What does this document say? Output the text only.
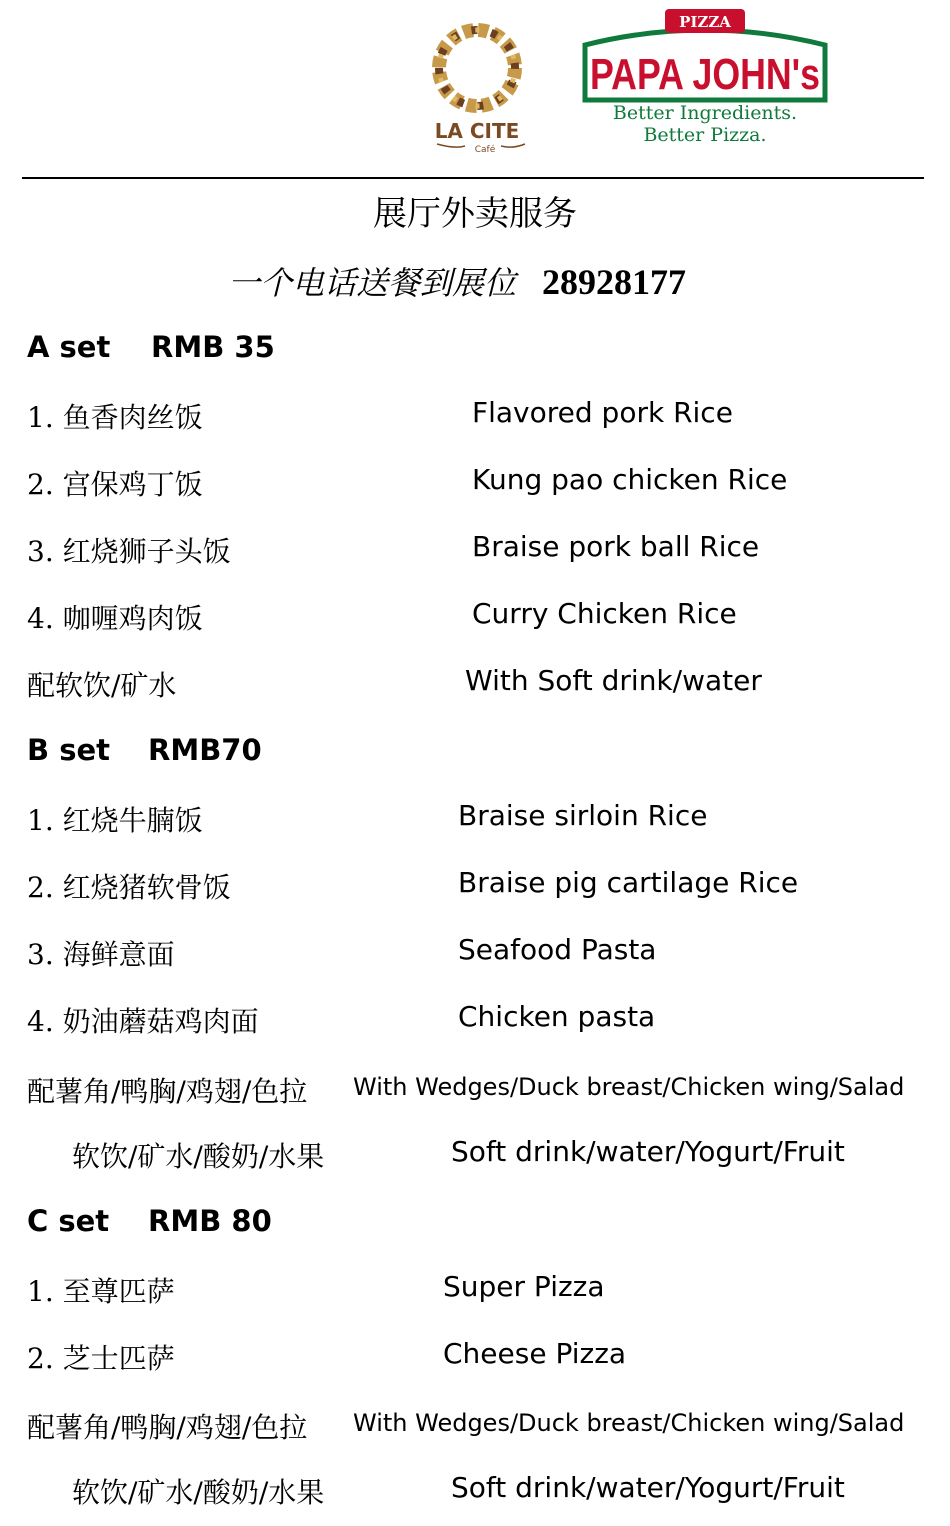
LA CITE
Café
PIZZA
PAPA JOHN's
Better Ingredients.
Better Pizza.
展厅外卖服务
一个电话送餐到展位 28928177
A set RMB 35
1. 鱼香肉丝饭	Flavored pork Rice
2. 宫保鸡丁饭	Kung pao chicken Rice
3. 红烧狮子头饭	Braise pork ball Rice
4. 咖喱鸡肉饭	Curry Chicken Rice
配软饮/矿水	With Soft drink/water
B set RMB70
1. 红烧牛腩饭	Braise sirloin Rice
2. 红烧猪软骨饭	Braise pig cartilage Rice
3. 海鲜意面	Seafood Pasta
4. 奶油蘑菇鸡肉面	Chicken pasta
配薯角/鸭胸/鸡翅/色拉 With Wedges/Duck breast/Chicken wing/Salad
软饮/矿水/酸奶/水果	Soft drink/water/Yogurt/Fruit
C set RMB 80
1. 至尊匹萨	Super Pizza
2. 芝士匹萨	Cheese Pizza
配薯角/鸭胸/鸡翅/色拉 With Wedges/Duck breast/Chicken wing/Salad
软饮/矿水/酸奶/水果	Soft drink/water/Yogurt/Fruit
